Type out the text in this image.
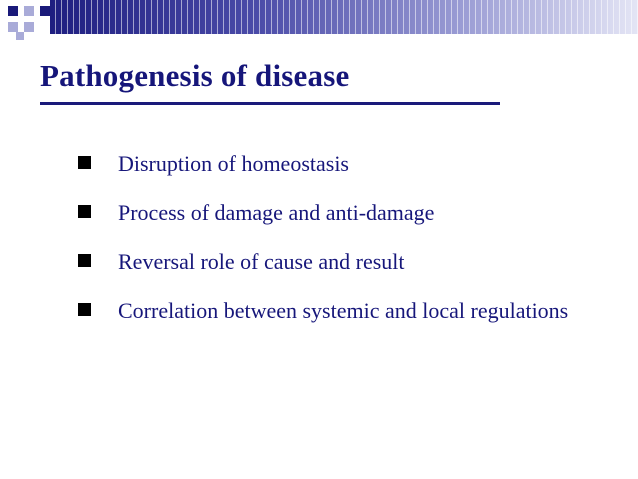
Pathogenesis of disease
Disruption of homeostasis
Process of damage and anti-damage
Reversal role of cause and result
Correlation between systemic and local regulations
